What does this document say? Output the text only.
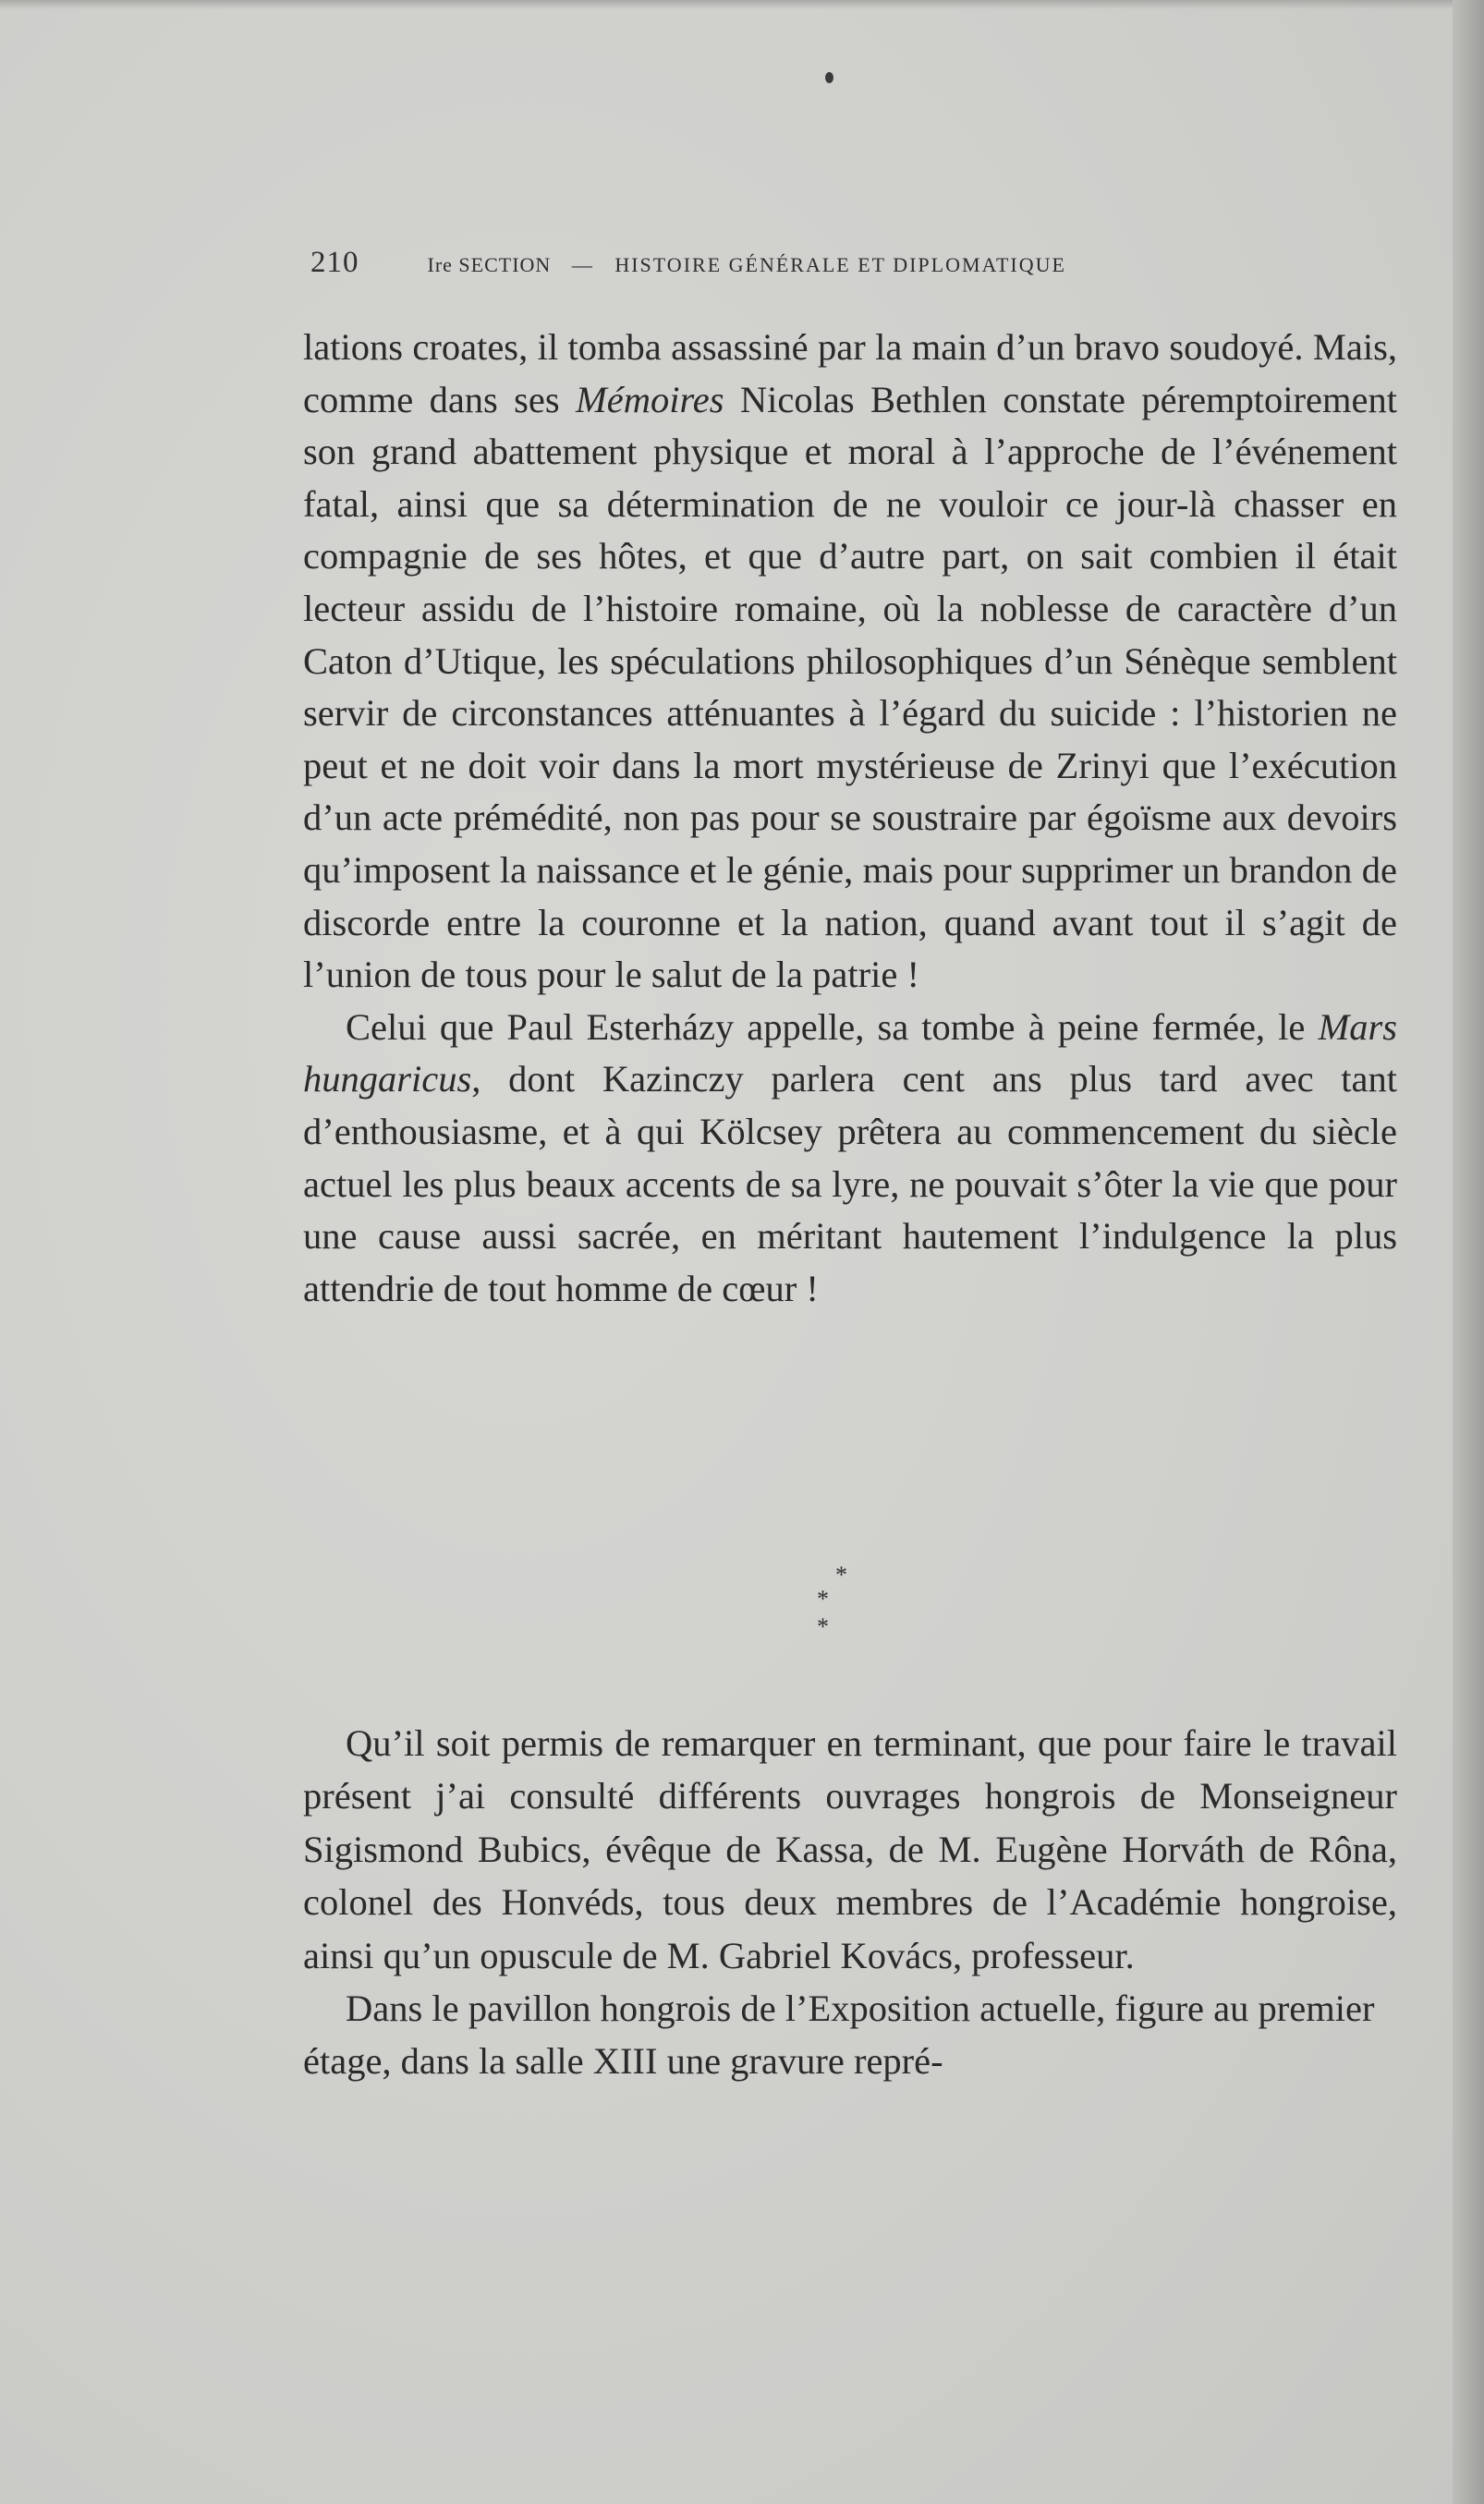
210	Ire SECTION — HISTOIRE GÉNÉRALE ET DIPLOMATIQUE

lations croates, il tomba assassiné par la main d’un bravo soudoyé. Mais, comme dans ses Mémoires Nicolas Bethlen constate péremptoirement son grand abattement physique et moral à l’approche de l’événement fatal, ainsi que sa détermination de ne vouloir ce jour-là chasser en compagnie de ses hôtes, et que d’autre part, on sait combien il était lecteur assidu de l’histoire romaine, où la noblesse de caractère d’un Caton d’Utique, les spéculations philosophiques d’un Sénèque semblent servir de circonstances atténuantes à l’égard du suicide : l’historien ne peut et ne doit voir dans la mort mystérieuse de Zrinyi que l’exécution d’un acte prémédité, non pas pour se soustraire par égoïsme aux devoirs qu’imposent la naissance et le génie, mais pour supprimer un brandon de discorde entre la couronne et la nation, quand avant tout il s’agit de l’union de tous pour le salut de la patrie !

Celui que Paul Esterházy appelle, sa tombe à peine fermée, le Mars hungaricus, dont Kazinczy parlera cent ans plus tard avec tant d’enthousiasme, et à qui Kölcsey prêtera au commencement du siècle actuel les plus beaux accents de sa lyre, ne pouvait s’ôter la vie que pour une cause aussi sacrée, en méritant hautement l’indulgence la plus attendrie de tout homme de cœur !

*
* *

Qu’il soit permis de remarquer en terminant, que pour faire le travail présent j’ai consulté différents ouvrages hongrois de Monseigneur Sigismond Bubics, évêque de Kassa, de M. Eugène Horváth de Rôna, colonel des Honvéds, tous deux membres de l’Académie hongroise, ainsi qu’un opuscule de M. Gabriel Kovács, professeur.

Dans le pavillon hongrois de l’Exposition actuelle, figure au premier étage, dans la salle XIII une gravure repré-
